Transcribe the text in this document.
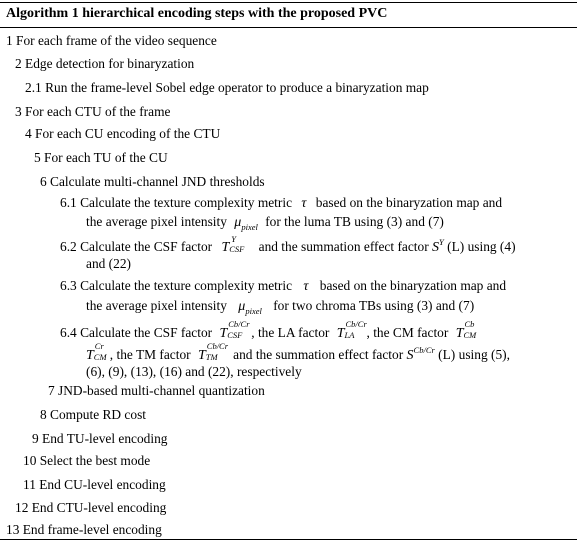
Algorithm 1 hierarchical encoding steps with the proposed PVC
1 For each frame of the video sequence
2 Edge detection for binaryzation
2.1 Run the frame-level Sobel edge operator to produce a binaryzation map
3 For each CTU of the frame
4 For each CU encoding of the CTU
5 For each TU of the CU
6 Calculate multi-channel JND thresholds
6.1 Calculate the texture complexity metric τ based on the binaryzation map and
the average pixel intensity $\mu_{pixel}$ for the luma TB using (3) and (7)
6.2 Calculate the CSF factor T CSF
Y and the summation effect factor $S^Y$ (L) using (4)
and (22)
6.3 Calculate the texture complexity metric τ based on the binaryzation map and
the average pixel intensity $\mu_{pixel}$ for two chroma TBs using (3) and (7)
6.4 Calculate the CSF factor T CSF
Cb/Cr
, the LA factor T LA
Cb/Cr
, the CM factor T CM
Cb
T CM
Cr
, the TM factor T TM
Cb/Cr
and the summation effect factor $S^{Cb/Cr}$ (L) using (5),
(6), (9), (13), (16) and (22), respectively
7 JND-based multi-channel quantization
8 Compute RD cost
9 End TU-level encoding
10 Select the best mode
11 End CU-level encoding
12 End CTU-level encoding
13 End frame-level encoding
